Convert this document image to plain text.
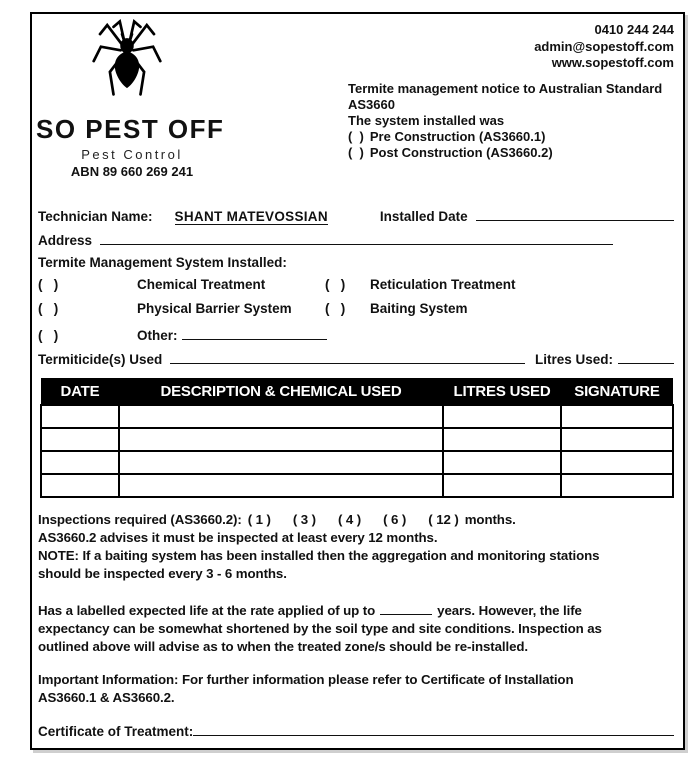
SO PEST OFF
Pest Control
ABN 89 660 269 241
0410 244 244
admin@sopestoff.com
www.sopestoff.com
Termite management notice to Australian Standard
AS3660
The system installed was
(  ) Pre Construction (AS3660.1)
(  ) Post Construction (AS3660.2)
Technician Name: SHANT MATEVOSSIAN	Installed Date
Address
Termite Management System Installed:
(   )	Chemical Treatment	(   )	Reticulation Treatment
(   )	Physical Barrier System	(   )	Baiting System
(   )	Other:
Termiticide(s) Used	Litres Used:
DATE	DESCRIPTION & CHEMICAL USED	LITRES USED	SIGNATURE

Inspections required (AS3660.2): ( 1 ) ( 3 ) ( 4 ) ( 6 ) ( 12 ) months.
AS3660.2 advises it must be inspected at least every 12 months.
NOTE: If a baiting system has been installed then the aggregation and monitoring stations
should be inspected every 3 - 6 months.
Has a labelled expected life at the rate applied of up to	years. However, the life
expectancy can be somewhat shortened by the soil type and site conditions. Inspection as
outlined above will advise as to when the treated zone/s should be re-installed.
Important Information: For further information please refer to Certificate of Installation
AS3660.1 & AS3660.2.
Certificate of Treatment:
